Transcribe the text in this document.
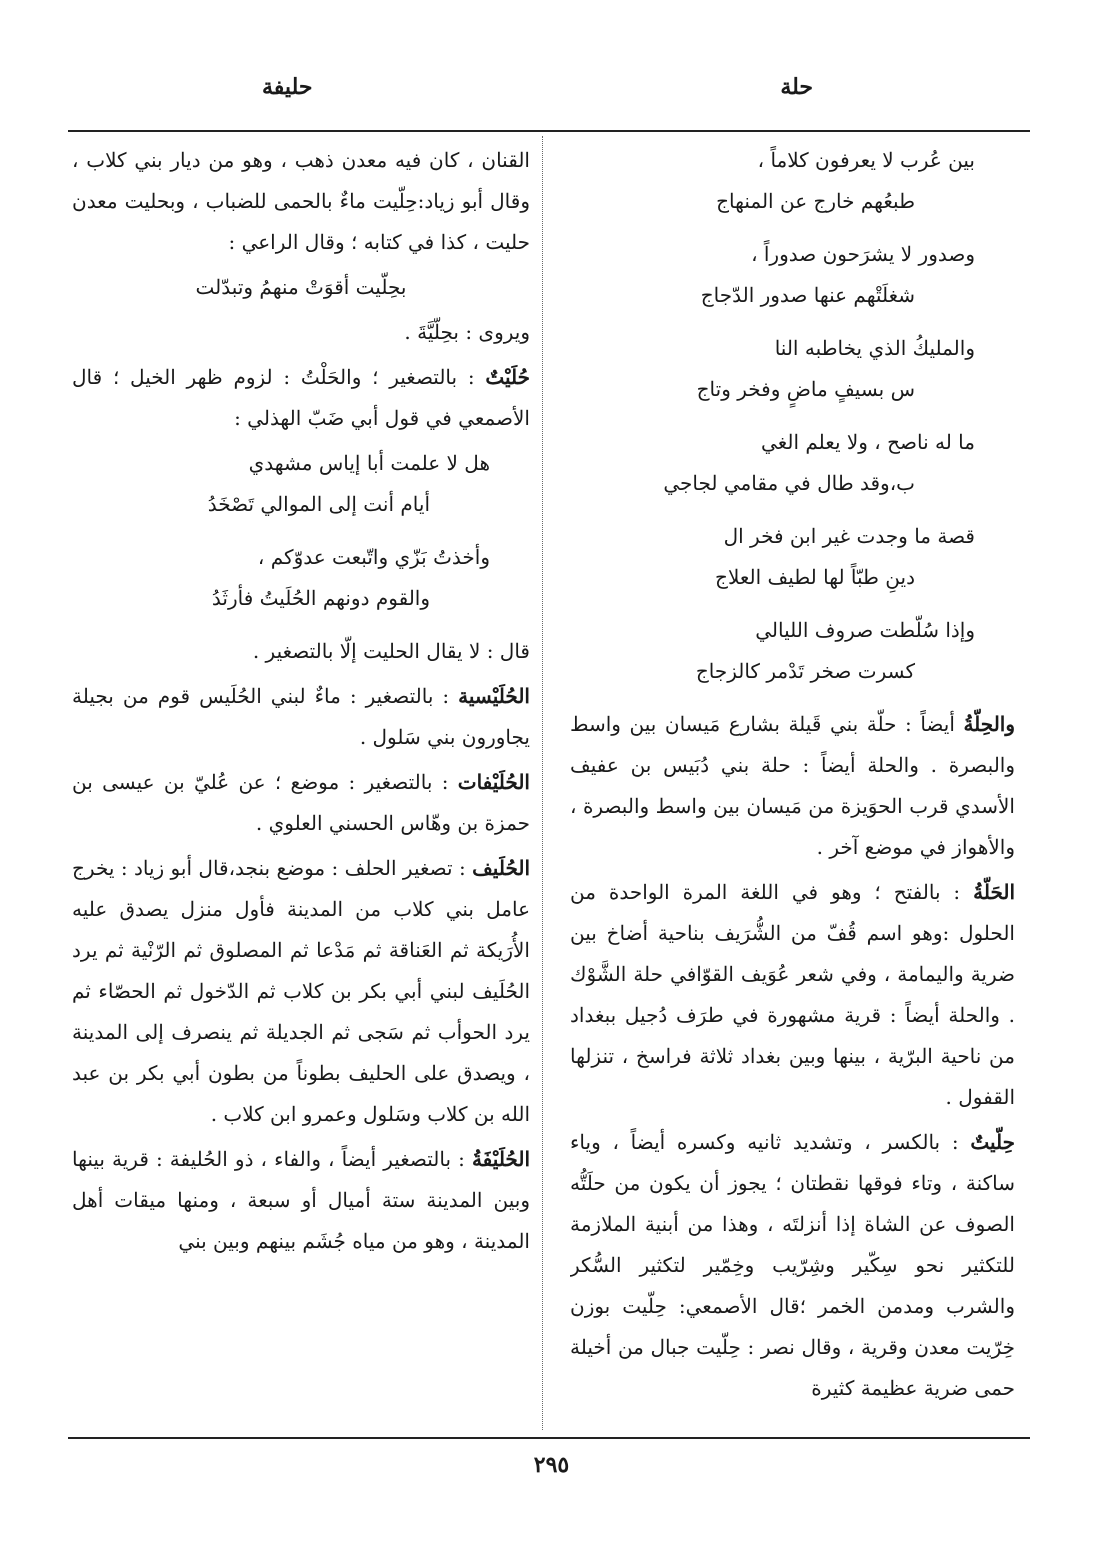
حلة
حليفة
بين عُرب لا يعرفون كلاماً ،
طبعُهم خارج عن المنهاج
وصدور لا يشرَحون صدوراً ،
شغلَتْهم عنها صدور الدّجاج
والمليكُ الذي يخاطبه النا
س بسيفٍ ماضٍ وفخر وتاج
ما له ناصح ، ولا يعلم الغي
ب،وقد طال في مقامي لجاجي
قصة ما وجدت غير ابن فخر ال
دينِ طبّاً لها لطيف العلاج
وإذا سُلّطت صروف الليالي
كسرت صخر تَدْمر كالزجاج

والحِلّةُ أيضاً : حلّة بني قَيلة بشارع مَيسان بين واسط والبصرة . والحلة أيضاً : حلة بني دُبَيس بن عفيف الأسدي قرب الحوَيزة من مَيسان بين واسط والبصرة ، والأهواز في موضع آخر .

الحَلّةُ : بالفتح ؛ وهو في اللغة المرة الواحدة من الحلول :وهو اسم قُفّ من الشُّرَيف بناحية أضاخ بين ضرية واليمامة ، وفي شعر عُوَيف القوّافي حلة الشَّوْك . والحلة أيضاً : قرية مشهورة في طرَف دُجيل ببغداد من ناحية البرّية ، بينها وبين بغداد ثلاثة فراسخ ، تنزلها القفول .

حِلّيتٌ : بالكسر ، وتشديد ثانيه وكسره أيضاً ، وياء ساكنة ، وتاء فوقها نقطتان ؛ يجوز أن يكون من حلَتُّه الصوف عن الشاة إذا أنزلتَه ، وهذا من أبنية الملازمة للتكثير نحو سِكّير وشِرّيب وخِمّير لتكثير السُّكر والشرب ومدمن الخمر ؛قال الأصمعي: حِلّيت بوزن خِرّيت معدن وقرية ، وقال نصر : حِلّيت جبال من أخيلة حمى ضرية عظيمة كثيرة

القنان ، كان فيه معدن ذهب ، وهو من ديار بني كلاب ، وقال أبو زياد:حِلّيت ماءٌ بالحمى للضباب ، وبحليت معدن حليت ، كذا في كتابه ؛ وقال الراعي :

بحِلّيت أقوَتْ منهمُ وتبدّلت

ويروى : بحِلّيَّةَ .

حُلَيْتٌ : بالتصغير ؛ والحَلْتُ : لزوم ظهر الخيل ؛ قال الأصمعي في قول أبي ضَبّ الهذلي :

هل لا علمت أبا إياس مشهدي
أيام أنت إلى الموالي تَصْخَدُ
وأخذتُ بَزّي واتّبعت عدوّكم ،
والقوم دونهم الحُلَيتُ فأرثَدُ

قال : لا يقال الحليت إلّا بالتصغير .

الحُلَيْسية : بالتصغير : ماءٌ لبني الحُلَيس قوم من بجيلة يجاورون بني سَلول .

الحُلَيْفات : بالتصغير : موضع ؛ عن عُليّ بن عيسى بن حمزة بن وهّاس الحسني العلوي .

الحُلَيف : تصغير الحلف : موضع بنجد،قال أبو زياد : يخرج عامل بني كلاب من المدينة فأول منزل يصدق عليه الأُرَيكة ثم العَناقة ثم مَدْعا ثم المصلوق ثم الرّنْية ثم يرد الحُلَيف لبني أبي بكر بن كلاب ثم الدّخول ثم الحصّاء ثم يرد الحوأب ثم سَجى ثم الجديلة ثم ينصرف إلى المدينة ، ويصدق على الحليف بطوناً من بطون أبي بكر بن عبد الله بن كلاب وسَلول وعمرو ابن كلاب .

الحُلَيْفَةُ : بالتصغير أيضاً ، والفاء ، ذو الحُليفة : قرية بينها وبين المدينة ستة أميال أو سبعة ، ومنها ميقات أهل المدينة ، وهو من مياه جُشَم بينهم وبين بني

٢٩٥
